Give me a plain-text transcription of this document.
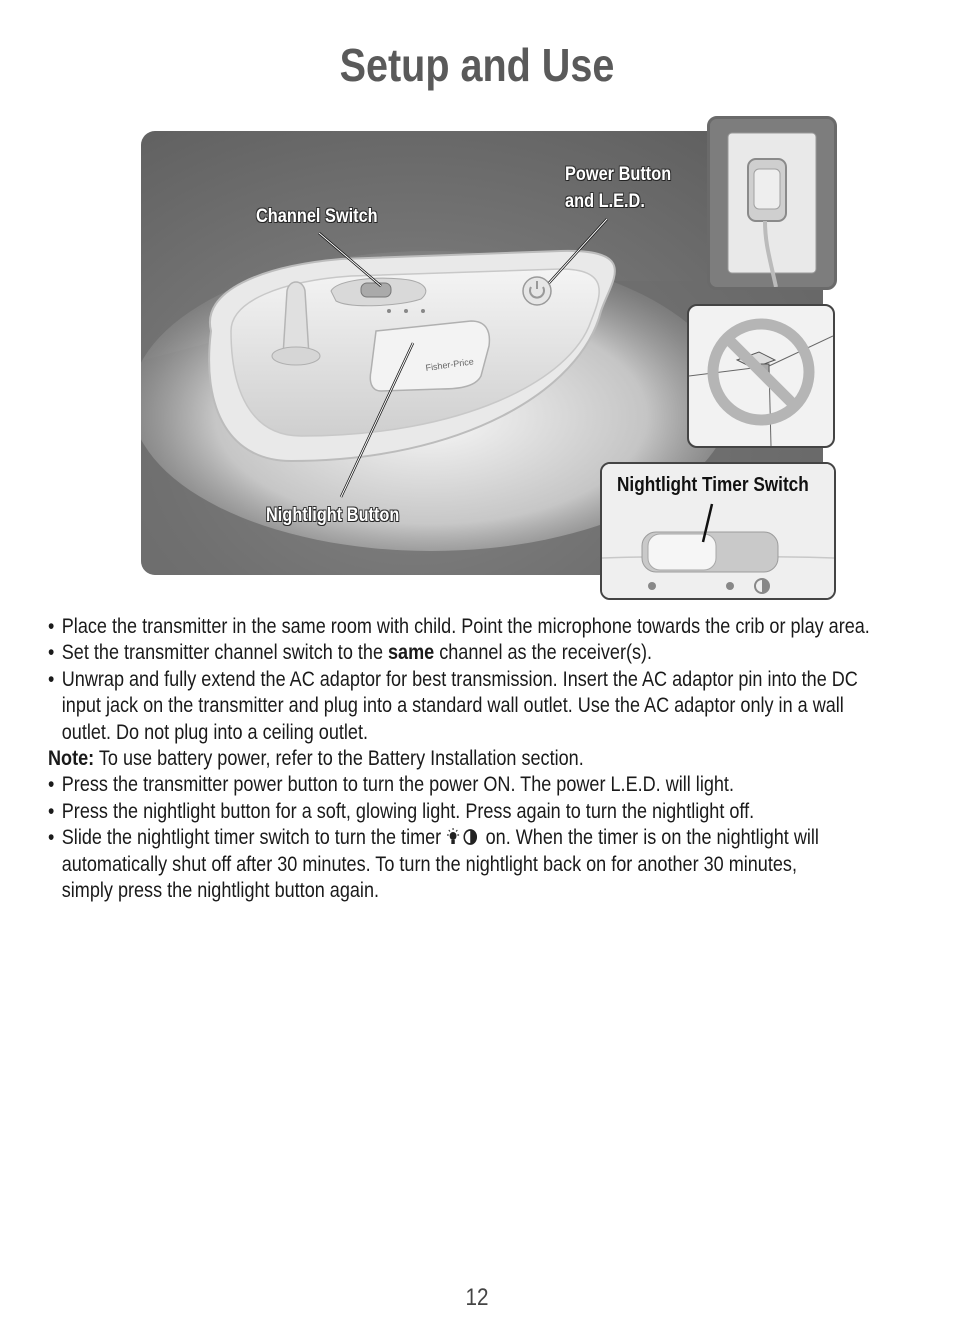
Setup and Use
Fisher-Price
Channel Switch
Power Button
and L.E.D.
Nightlight Button
Nightlight Timer Switch
• Place the transmitter in the same room with child. Point the microphone towards the crib or play area.
• Set the transmitter channel switch to the same channel as the receiver(s).
• Unwrap and fully extend the AC adaptor for best transmission. Insert the AC adaptor pin into the DC
input jack on the transmitter and plug into a standard wall outlet. Use the AC adaptor only in a wall
outlet. Do not plug into a ceiling outlet.
Note: To use battery power, refer to the Battery Installation section.
• Press the transmitter power button to turn the power ON. The power L.E.D. will light.
• Press the nightlight button for a soft, glowing light. Press again to turn the nightlight off.
• Slide the nightlight timer switch to turn the timer  on. When the timer is on the nightlight will
automatically shut off after 30 minutes. To turn the nightlight back on for another 30 minutes,
simply press the nightlight button again.
12
